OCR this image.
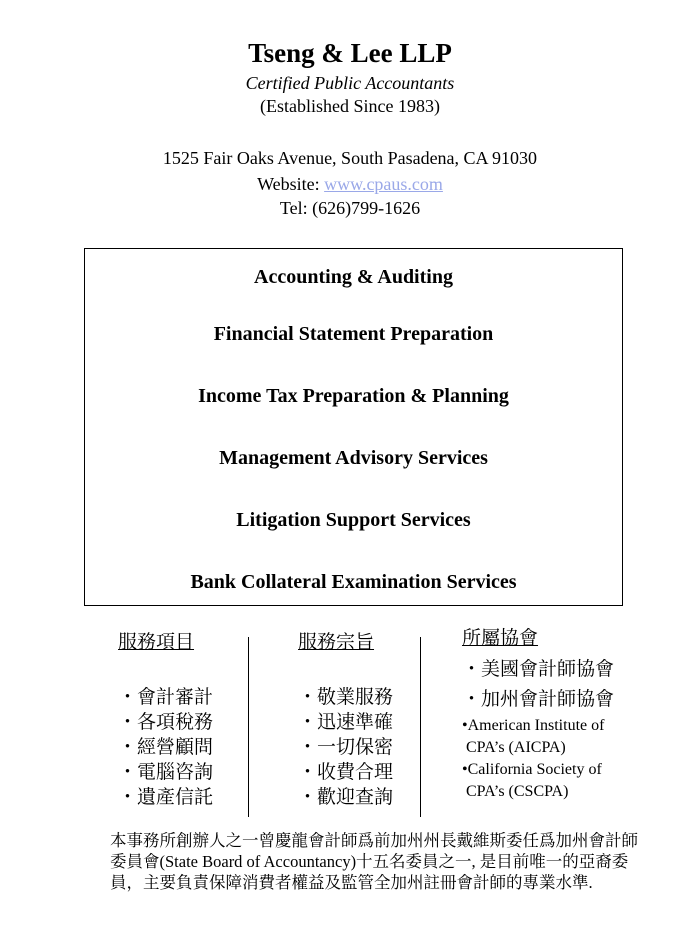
Tseng & Lee LLP
Certified Public Accountants
(Established Since 1983)
1525 Fair Oaks Avenue, South Pasadena, CA 91030
Website: www.cpaus.com
Tel: (626)799-1626
Accounting & Auditing
Financial Statement Preparation
Income Tax Preparation & Planning
Management Advisory Services
Litigation Support Services
Bank Collateral Examination Services
服務項目
・會計審計
・各項稅務
・經營顧問
・電腦咨詢
・遺產信託
服務宗旨
・敬業服務
・迅速準確
・一切保密
・收費合理
・歡迎查詢
所屬協會
・美國會計師協會
・加州會計師協會
•American Institute of
CPA’s (AICPA)
•California Society of
CPA’s (CSCPA)
本事務所創辦人之一曾慶龍會計師爲前加州州長戴維斯委任爲加州會計師委員會(State Board of Accountancy)十五名委員之一, 是目前唯一的亞裔委員，主要負責保障消費者權益及監管全加州註冊會計師的專業水準.
